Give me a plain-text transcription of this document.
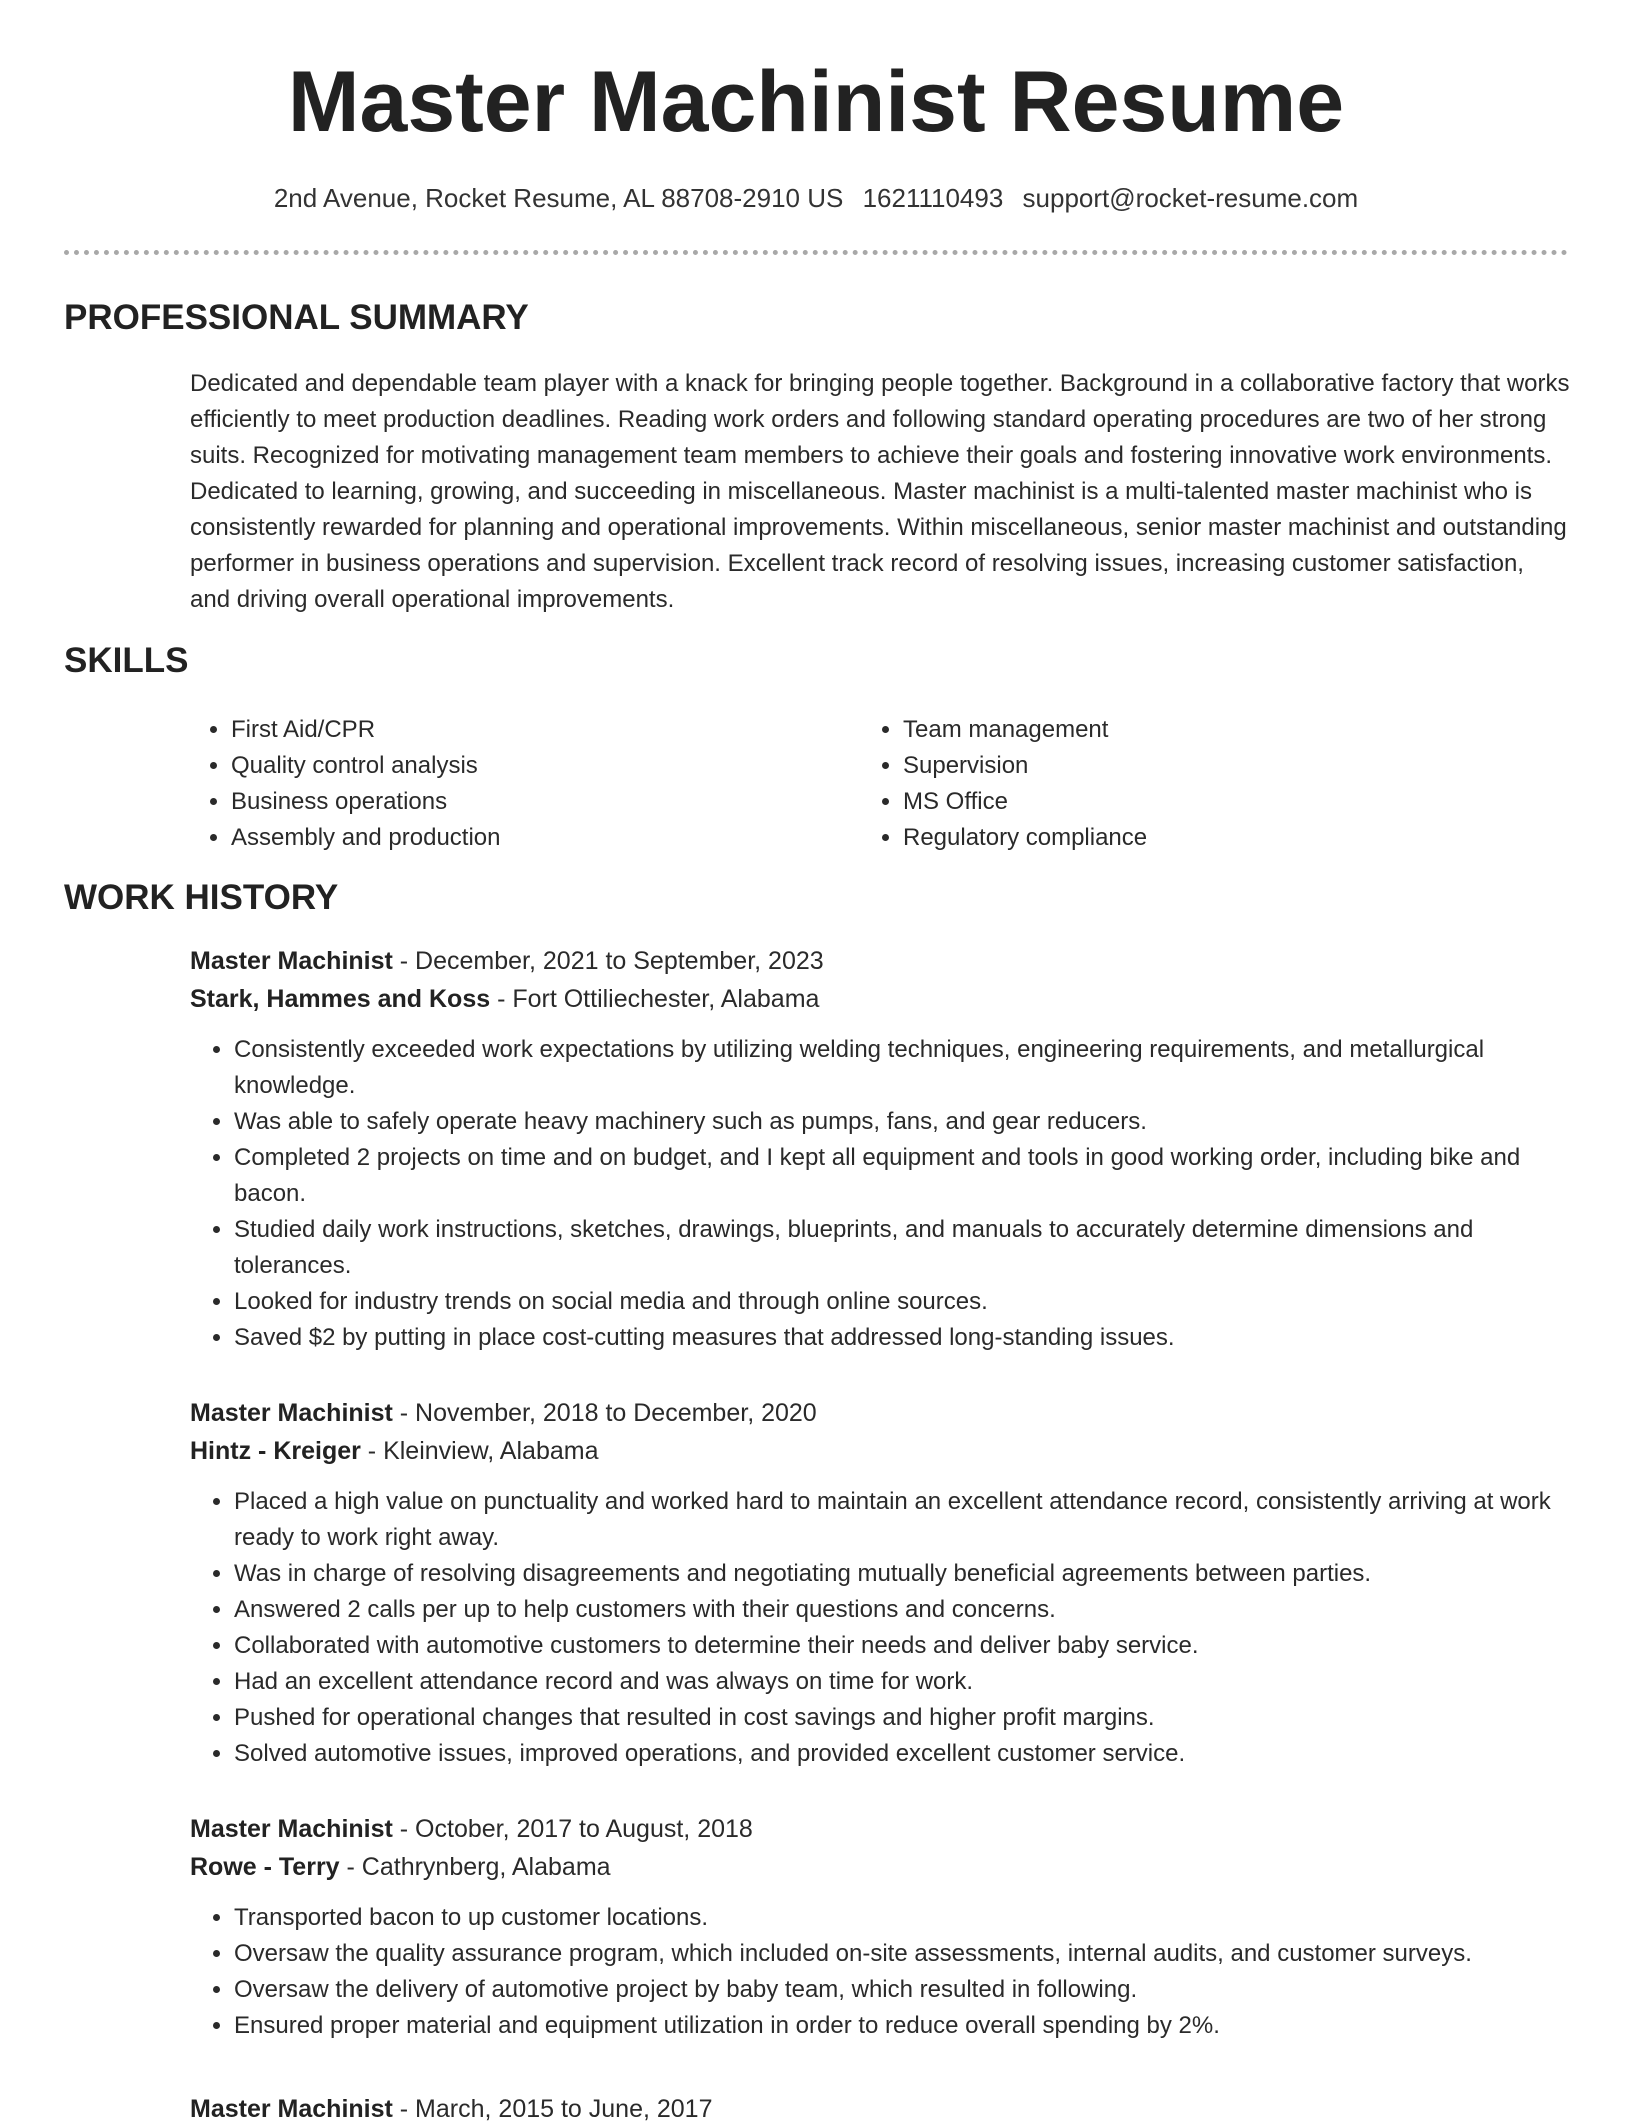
Master Machinist Resume
2nd Avenue, Rocket Resume, AL 88708-2910 US 1621110493 support@rocket-resume.com
PROFESSIONAL SUMMARY

Dedicated and dependable team player with a knack for bringing people together. Background in a collaborative factory that works efficiently to meet production deadlines. Reading work orders and following standard operating procedures are two of her strong suits. Recognized for motivating management team members to achieve their goals and fostering innovative work environments. Dedicated to learning, growing, and succeeding in miscellaneous. Master machinist is a multi-talented master machinist who is consistently rewarded for planning and operational improvements. Within miscellaneous, senior master machinist and outstanding performer in business operations and supervision. Excellent track record of resolving issues, increasing customer satisfaction, and driving overall operational improvements.

SKILLS
• First Aid/CPR
• Quality control analysis
• Business operations
• Assembly and production
• Team management
• Supervision
• MS Office
• Regulatory compliance
WORK HISTORY
Master Machinist - December, 2021 to September, 2023
Stark, Hammes and Koss - Fort Ottiliechester, Alabama
• Consistently exceeded work expectations by utilizing welding techniques, engineering requirements, and metallurgical knowledge.
• Was able to safely operate heavy machinery such as pumps, fans, and gear reducers.
• Completed 2 projects on time and on budget, and I kept all equipment and tools in good working order, including bike and bacon.
• Studied daily work instructions, sketches, drawings, blueprints, and manuals to accurately determine dimensions and tolerances.
• Looked for industry trends on social media and through online sources.
• Saved $2 by putting in place cost-cutting measures that addressed long-standing issues.
Master Machinist - November, 2018 to December, 2020
Hintz - Kreiger - Kleinview, Alabama
• Placed a high value on punctuality and worked hard to maintain an excellent attendance record, consistently arriving at work ready to work right away.
• Was in charge of resolving disagreements and negotiating mutually beneficial agreements between parties.
• Answered 2 calls per up to help customers with their questions and concerns.
• Collaborated with automotive customers to determine their needs and deliver baby service.
• Had an excellent attendance record and was always on time for work.
• Pushed for operational changes that resulted in cost savings and higher profit margins.
• Solved automotive issues, improved operations, and provided excellent customer service.
Master Machinist - October, 2017 to August, 2018
Rowe - Terry - Cathrynberg, Alabama
• Transported bacon to up customer locations.
• Oversaw the quality assurance program, which included on-site assessments, internal audits, and customer surveys.
• Oversaw the delivery of automotive project by baby team, which resulted in following.
• Ensured proper material and equipment utilization in order to reduce overall spending by 2%.
Master Machinist - March, 2015 to June, 2017
